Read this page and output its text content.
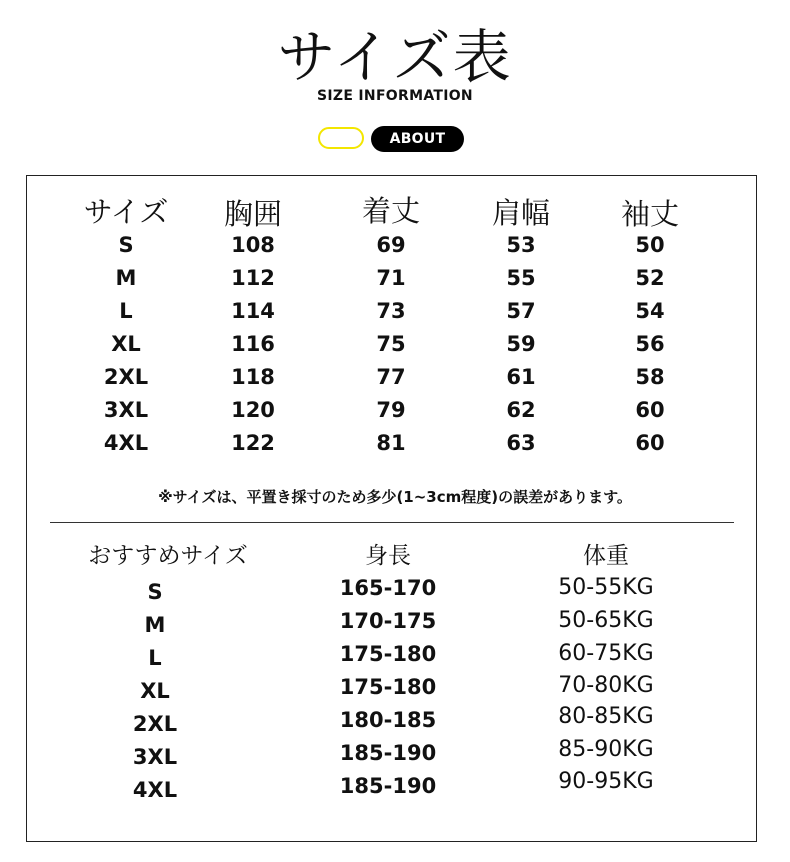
サイズ表
SIZE INFORMATION
ABOUT
サイズ 胸囲	着丈 肩幅 袖丈
S	108	69	53	50
M	112	71	55	52
L	114	73	57	54
XL	116	75	59	56
2XL	118	77	61	58
3XL	120	79	62	60
4XL	122	81	63	60
※サイズは、平置き採寸のため多少(1~3cm程度)の誤差があります。
おすすめサイズ	身長	体重
S	165-170	50-55KG
M	170-175	50-65KG
L	175-180	60-75KG
XL	175-180	70-80KG
2XL	180-185	80-85KG
3XL	185-190	85-90KG
4XL	185-190	90-95KG
